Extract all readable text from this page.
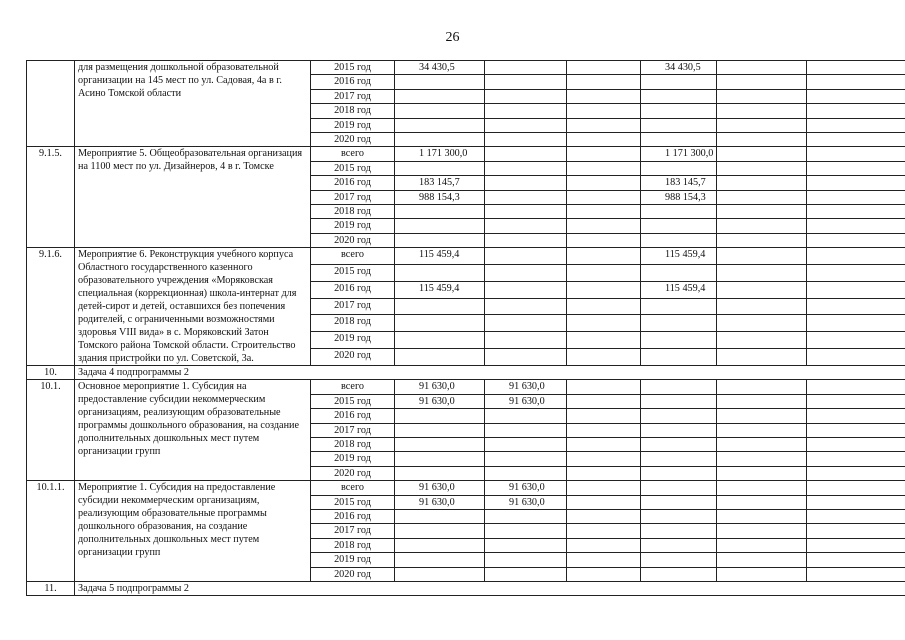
26
	для размещения дошкольной образовательной организации на 145 мест по ул. Садовая, 4а в г. Асино Томской области	2015 год	34 430,5			34 430,5		
		2016 год						
		2017 год						
		2018 год						
		2019 год						
		2020 год						
9.1.5.	Мероприятие 5. Общеобразовательная организация на 1100 мест по ул. Дизайнеров, 4 в г. Томске	всего	1 171 300,0			1 171 300,0		
		2015 год						
		2016 год	183 145,7			183 145,7		
		2017 год	988 154,3			988 154,3		
		2018 год						
		2019 год						
		2020 год						
9.1.6.	Мероприятие 6. Реконструкция учебного корпуса Областного государственного казенного образовательного учреждения «Моряковская специальная (коррекционная) школа-интернат для детей-сирот и детей, оставшихся без попечения родителей, с ограниченными возможностями здоровья VIII вида» в с. Моряковский Затон Томского района Томской области. Строительство здания пристройки по ул. Советской, 3а.	всего	115 459,4			115 459,4		
		2015 год						
		2016 год	115 459,4			115 459,4		
		2017 год						
		2018 год						
		2019 год						
		2020 год						
10.	Задача 4 подпрограммы 2							
10.1.	Основное мероприятие 1. Субсидия на предоставление субсидии некоммерческим организациям, реализующим образовательные программы дошкольного образования, на создание дополнительных дошкольных мест путем организации групп	всего	91 630,0	91 630,0				
		2015 год	91 630,0	91 630,0				
		2016 год						
		2017 год						
		2018 год						
		2019 год						
		2020 год						
10.1.1.	Мероприятие 1. Субсидия на предоставление субсидии некоммерческим организациям, реализующим образовательные программы дошкольного образования, на создание дополнительных дошкольных мест путем организации групп	всего	91 630,0	91 630,0				
		2015 год	91 630,0	91 630,0				
		2016 год						
		2017 год						
		2018 год						
		2019 год						
		2020 год						
11.	Задача 5 подпрограммы 2							
